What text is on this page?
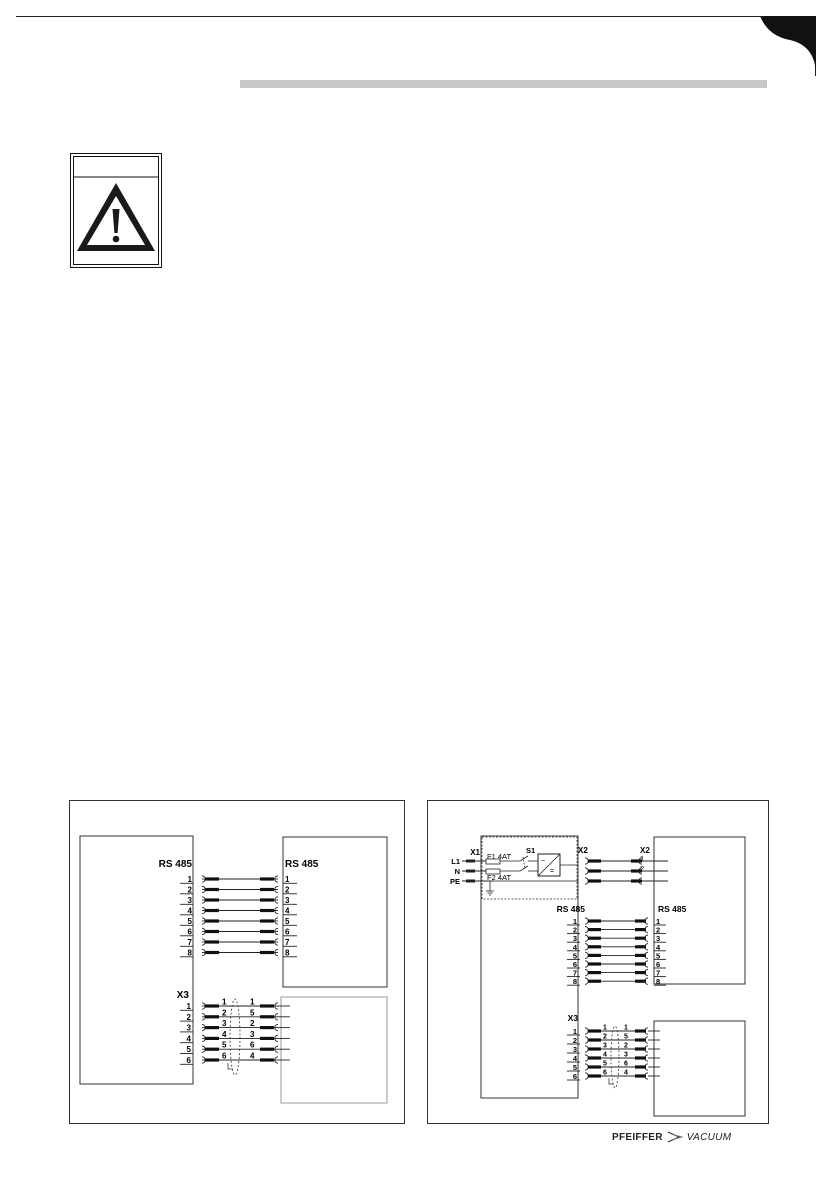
RS 485	RS 485
X3
1	1
2	2
3	3
4	4
5	5
6	6
7	7
8	8
1	1	1
2	2	5
3	3	2
4	4	3
5	5	6
6	6	4
X1	X2	X2
F1 4AT
F2 4AT
S1
L1
N
PE
~
=
1
2
RS 485	RS 485
X3
1	1
2	2
3	3
4	4
5	5
6	6
7	7
8	8
1	1 1
2	2 5
3	3 2
4	4 3
5	5 6
6	6 4
PFEIFFER VACUUM
